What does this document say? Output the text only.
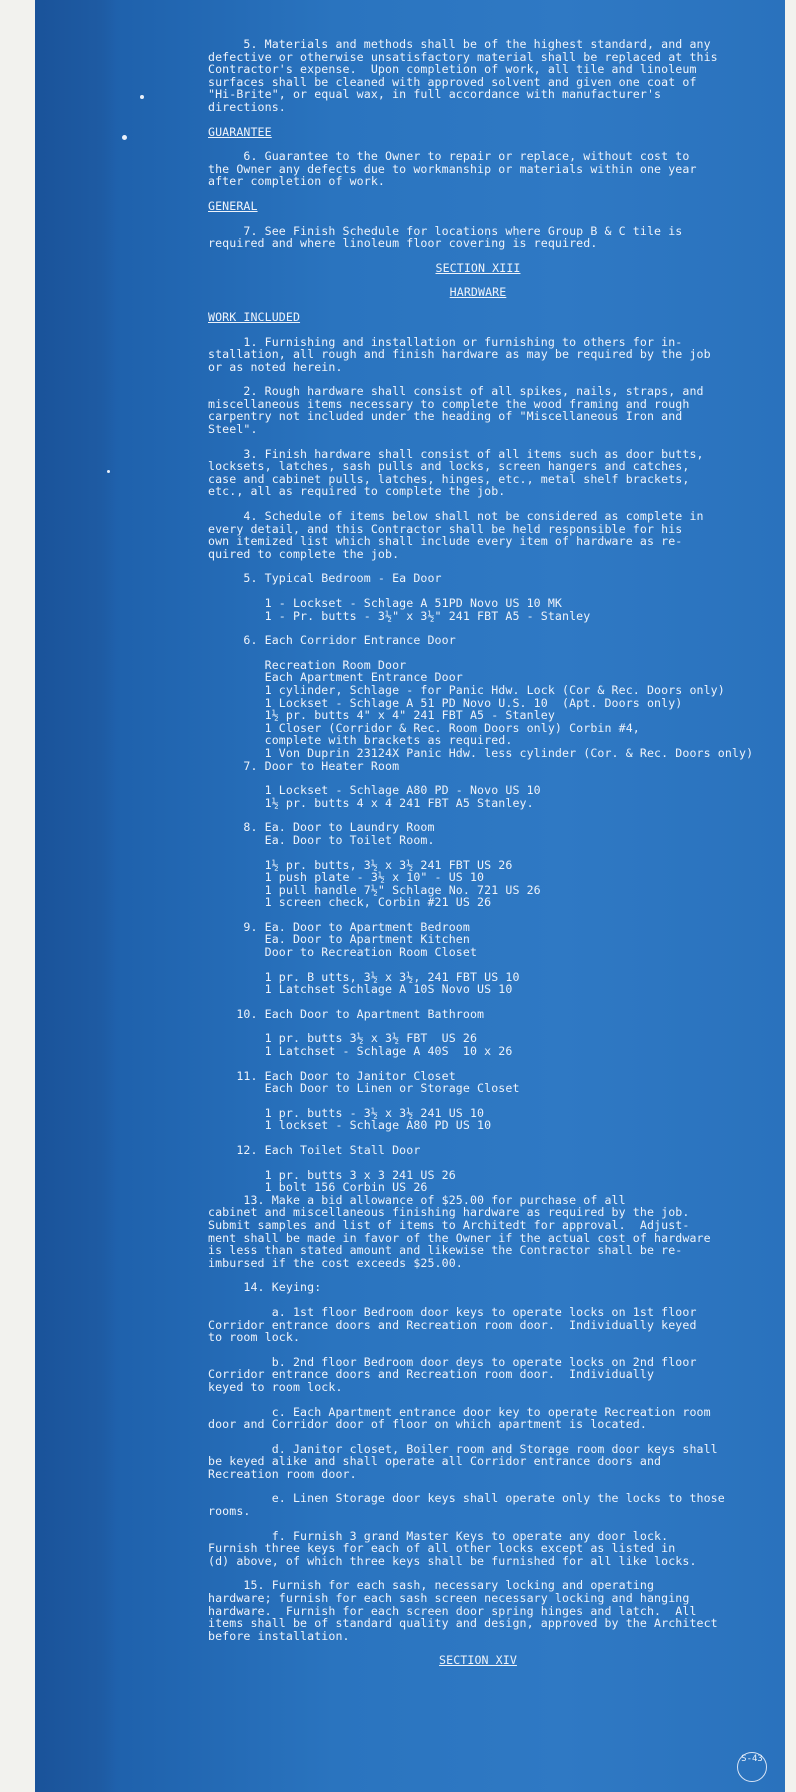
5. Materials and methods shall be of the highest standard, and any
defective or otherwise unsatisfactory material shall be replaced at this
Contractor's expense.  Upon completion of work, all tile and linoleum
surfaces shall be cleaned with approved solvent and given one coat of
"Hi-Brite", or equal wax, in full accordance with manufacturer's
directions.
GUARANTEE
6. Guarantee to the Owner to repair or replace, without cost to
the Owner any defects due to workmanship or materials within one year
after completion of work.
GENERAL
7. See Finish Schedule for locations where Group B & C tile is
required and where linoleum floor covering is required.
SECTION XIII
HARDWARE
WORK INCLUDED
1. Furnishing and installation or furnishing to others for in-
stallation, all rough and finish hardware as may be required by the job
or as noted herein.
2. Rough hardware shall consist of all spikes, nails, straps, and
miscellaneous items necessary to complete the wood framing and rough
carpentry not included under the heading of "Miscellaneous Iron and
Steel".
3. Finish hardware shall consist of all items such as door butts,
locksets, latches, sash pulls and locks, screen hangers and catches,
case and cabinet pulls, latches, hinges, etc., metal shelf brackets,
etc., all as required to complete the job.
4. Schedule of items below shall not be considered as complete in
every detail, and this Contractor shall be held responsible for his
own itemized list which shall include every item of hardware as re-
quired to complete the job.
5. Typical Bedroom - Ea Door
1 - Lockset - Schlage A 51PD Novo US 10 MK
1 - Pr. butts - 3½" x 3½" 241 FBT A5 - Stanley
6. Each Corridor Entrance Door
Recreation Room Door
Each Apartment Entrance Door
1 cylinder, Schlage - for Panic Hdw. Lock (Cor & Rec. Doors only)
1 Lockset - Schlage A 51 PD Novo U.S. 10  (Apt. Doors only)
1½ pr. butts 4" x 4" 241 FBT A5 - Stanley
1 Closer (Corridor & Rec. Room Doors only) Corbin #4,
complete with brackets as required.
1 Von Duprin 23124X Panic Hdw. less cylinder (Cor. & Rec. Doors only)
7. Door to Heater Room
1 Lockset - Schlage A80 PD - Novo US 10
1½ pr. butts 4 x 4 241 FBT A5 Stanley.
8. Ea. Door to Laundry Room
Ea. Door to Toilet Room.
1½ pr. butts, 3½ x 3½ 241 FBT US 26
1 push plate - 3½ x 10" - US 10
1 pull handle 7½" Schlage No. 721 US 26
1 screen check, Corbin #21 US 26
9. Ea. Door to Apartment Bedroom
Ea. Door to Apartment Kitchen
Door to Recreation Room Closet
1 pr. B utts, 3½ x 3½, 241 FBT US 10
1 Latchset Schlage A 10S Novo US 10
10. Each Door to Apartment Bathroom
1 pr. butts 3½ x 3½ FBT  US 26
1 Latchset - Schlage A 40S  10 x 26
11. Each Door to Janitor Closet
Each Door to Linen or Storage Closet
1 pr. butts - 3½ x 3½ 241 US 10
1 lockset - Schlage A80 PD US 10
12. Each Toilet Stall Door
1 pr. butts 3 x 3 241 US 26
1 bolt 156 Corbin US 26
13. Make a bid allowance of $25.00 for purchase of all
cabinet and miscellaneous finishing hardware as required by the job.
Submit samples and list of items to Architedt for approval.  Adjust-
ment shall be made in favor of the Owner if the actual cost of hardware
is less than stated amount and likewise the Contractor shall be re-
imbursed if the cost exceeds $25.00.
14. Keying:
a. 1st floor Bedroom door keys to operate locks on 1st floor
Corridor entrance doors and Recreation room door.  Individually keyed
to room lock.
b. 2nd floor Bedroom door deys to operate locks on 2nd floor
Corridor entrance doors and Recreation room door.  Individually
keyed to room lock.
c. Each Apartment entrance door key to operate Recreation room
door and Corridor door of floor on which apartment is located.
d. Janitor closet, Boiler room and Storage room door keys shall
be keyed alike and shall operate all Corridor entrance doors and
Recreation room door.
e. Linen Storage door keys shall operate only the locks to those
rooms.
f. Furnish 3 grand Master Keys to operate any door lock.
Furnish three keys for each of all other locks except as listed in
(d) above, of which three keys shall be furnished for all like locks.
15. Furnish for each sash, necessary locking and operating
hardware; furnish for each sash screen necessary locking and hanging
hardware.  Furnish for each screen door spring hinges and latch.  All
items shall be of standard quality and design, approved by the Architect
before installation.
SECTION XIV
S-43
